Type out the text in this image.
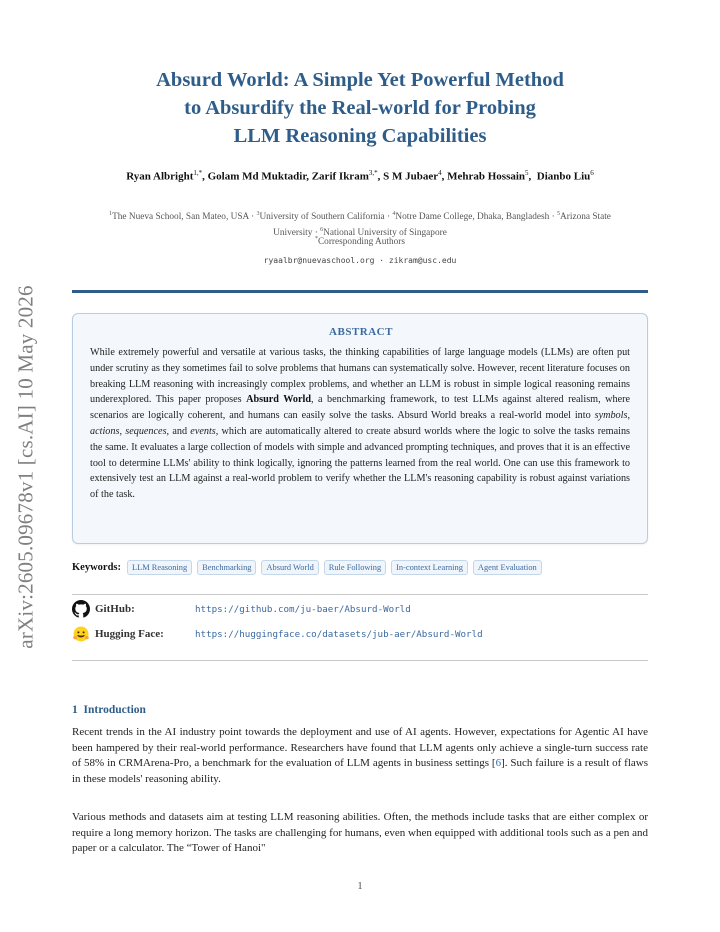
arXiv:2605.09678v1 [cs.AI] 10 May 2026
Absurd World: A Simple Yet Powerful Method
to Absurdify the Real-world for Probing
LLM Reasoning Capabilities
Ryan Albright$^{1,*}$, Golam Md Muktadir, Zarif Ikram$^{3,*}$, S M Jubaer$^4$, Mehrab Hossain$^5$,  Dianbo Liu$^6$
$^1$The Nueva School, San Mateo, USA · $^3$University of Southern California · $^4$Notre Dame College, Dhaka, Bangladesh · $^5$Arizona State University · $^6$National University of Singapore
*Corresponding Authors
ryaalbr@nuevaschool.org · zikram@usc.edu
ABSTRACT
While extremely powerful and versatile at various tasks, the thinking capabilities of large language models (LLMs) are often put under scrutiny as they sometimes fail to solve problems that humans can systematically solve. However, recent literature focuses on breaking LLM reasoning with increasingly complex problems, and whether an LLM is robust in simple logical reasoning remains underexplored. This paper proposes Absurd World, a benchmarking framework, to test LLMs against altered realism, where scenarios are logically coherent, and humans can easily solve the tasks. Absurd World breaks a real-world model into symbols, actions, sequences, and events, which are automatically altered to create absurd worlds where the logic to solve the tasks remains the same. It evaluates a large collection of models with simple and advanced prompting techniques, and proves that it is an effective tool to determine LLMs' ability to think logically, ignoring the patterns learned from the real world. One can use this framework to extensively test an LLM against a real-world problem to verify whether the LLM's reasoning capability is robust against variations of the task.
Keywords:	LLM Reasoning	Benchmarking	Absurd World	Rule Following	In-context Learning	Agent Evaluation
GitHub:	https://github.com/ju-baer/Absurd-World
Hugging Face:	https://huggingface.co/datasets/jub-aer/Absurd-World
1 Introduction
Recent trends in the AI industry point towards the deployment and use of AI agents. However, expectations for Agentic AI have been hampered by their real-world performance. Researchers have found that LLM agents only achieve a single-turn success rate of 58% in CRMArena-Pro, a benchmark for the evaluation of LLM agents in business settings [6]. Such failure is a result of flaws in these models' reasoning ability.
Various methods and datasets aim at testing LLM reasoning abilities. Often, the methods include tasks that are either complex or require a long memory horizon. The tasks are challenging for humans, even when equipped with additional tools such as a pen and paper or a calculator. The “Tower of Hanoi"
1
